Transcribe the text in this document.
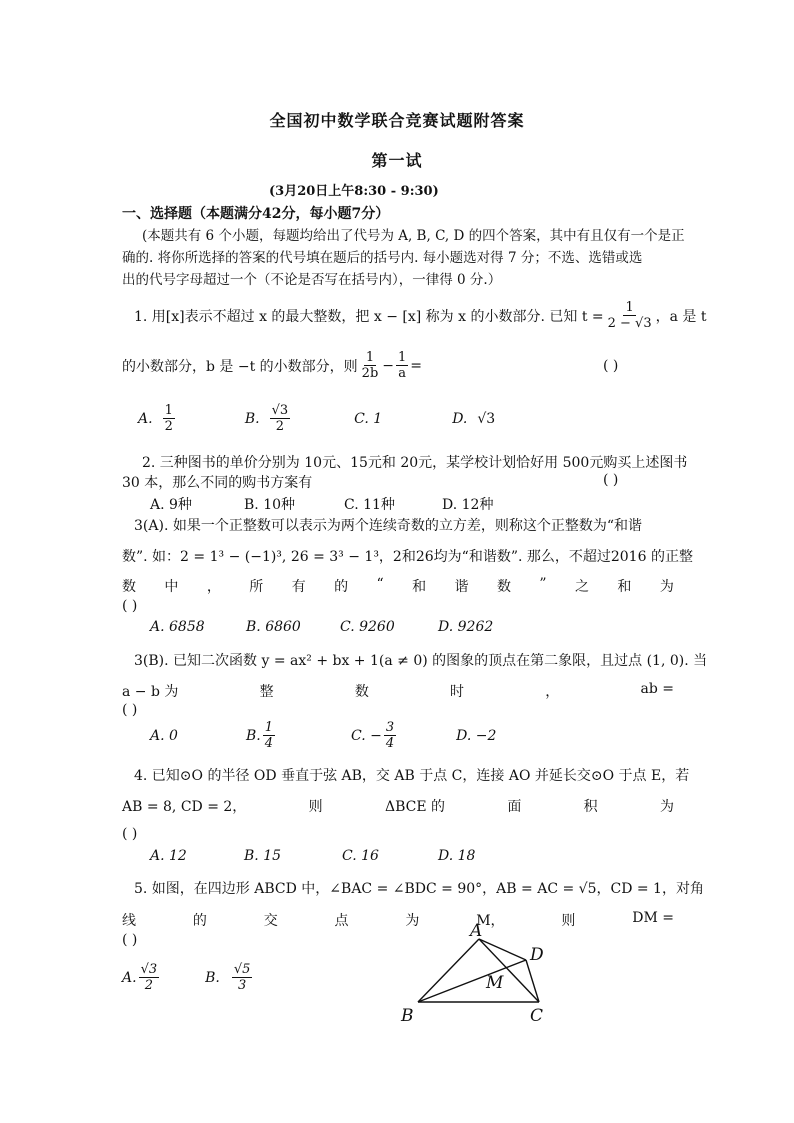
全国初中数学联合竞赛试题附答案
第一试
(3月20日上午8:30 - 9:30)
一、选择题（本题满分42分，每小题7分）
(本题共有 6 个小题，每题均给出了代号为 A, B, C, D 的四个答案，其中有且仅有一个是正
确的. 将你所选择的答案的代号填在题后的括号内. 每小题选对得 7 分；不选、选错或选
出的代号字母超过一个（不论是否写在括号内），一律得 0 分.）
1. 用[x]表示不超过 x 的最大整数，把 x − [x] 称为 x 的小数部分. 已知 $t = \frac{1}{2 - √3}$ ，a 是 t
的小数部分，b 是 −t 的小数部分，则 $\frac{1}{2b} - \frac{1}{a}$ =	( )
A. $\frac{1}{2}$	B. $\frac{√3}{2}$	C. 1	D. √3
2. 三种图书的单价分别为 10元、15元和 20元，某学校计划恰好用 500元购买上述图书
30 本，那么不同的购书方案有	( )
A. 9种	B. 10种	C. 11种	D. 12种
3(A). 如果一个正整数可以表示为两个连续奇数的立方差，则称这个正整数为“和谐
数”. 如：2 = 1³ − (−1)³, 26 = 3³ − 1³，2和26均为“和谐数”. 那么，不超过2016 的正整
数 中 ， 所 有 的 “ 和 谐 数 ” 之 和 为
( )
A. 6858	B. 6860	C. 9260	D. 9262
3(B). 已知二次函数 y = ax² + bx + 1(a ≠ 0) 的图象的顶点在第二象限，且过点 (1, 0). 当
a − b 为	整	数	时	，	ab =
( )
A. 0	B. $\frac{1}{4}$	C. − $\frac{3}{4}$	D. −2
4. 已知⊙O 的半径 OD 垂直于弦 AB，交 AB 于点 C，连接 AO 并延长交⊙O 于点 E，若
AB = 8, CD = 2，	则	ΔBCE 的	面	积	为
( )
A. 12	B. 15	C. 16	D. 18
5. 如图，在四边形 ABCD 中，∠BAC = ∠BDC = 90°，AB = AC = √5，CD = 1，对角
线	的	交	点	为	M，	则	DM =
( )
A. $\frac{√3}{2}$	B. $\frac{√5}{3}$
A
B	C
D
M
